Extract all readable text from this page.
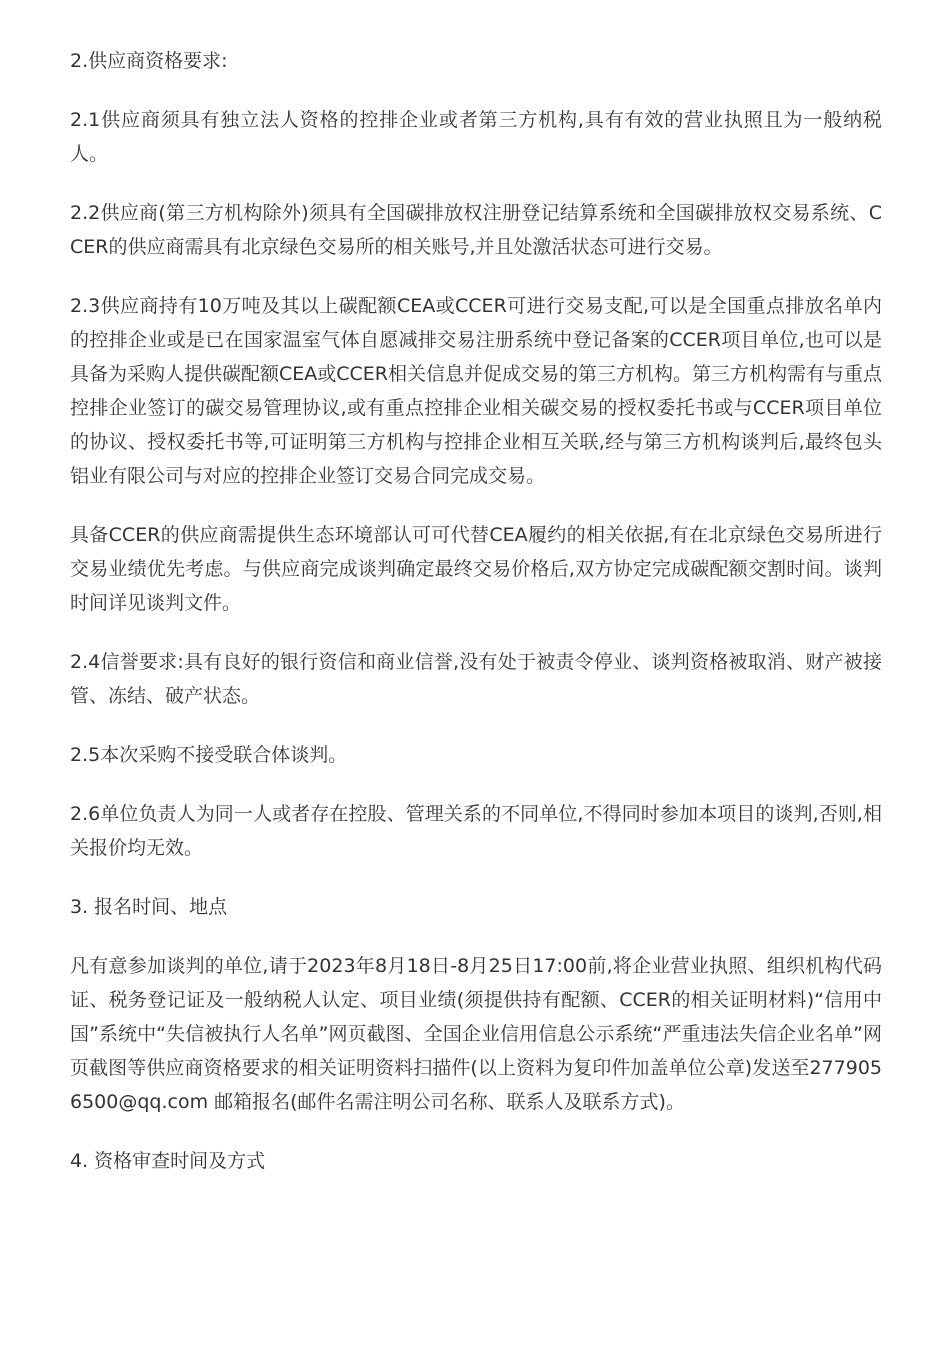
2.供应商资格要求:

2.1供应商须具有独立法人资格的控排企业或者第三方机构,具有有效的营业执照且为一般纳税人。

2.2供应商(第三方机构除外)须具有全国碳排放权注册登记结算系统和全国碳排放权交易系统、CCER的供应商需具有北京绿色交易所的相关账号,并且处激活状态可进行交易。

2.3供应商持有10万吨及其以上碳配额CEA或CCER可进行交易支配,可以是全国重点排放名单内的控排企业或是已在国家温室气体自愿减排交易注册系统中登记备案的CCER项目单位,也可以是具备为采购人提供碳配额CEA或CCER相关信息并促成交易的第三方机构。第三方机构需有与重点控排企业签订的碳交易管理协议,或有重点控排企业相关碳交易的授权委托书或与CCER项目单位的协议、授权委托书等,可证明第三方机构与控排企业相互关联,经与第三方机构谈判后,最终包头铝业有限公司与对应的控排企业签订交易合同完成交易。

具备CCER的供应商需提供生态环境部认可可代替CEA履约的相关依据,有在北京绿色交易所进行交易业绩优先考虑。与供应商完成谈判确定最终交易价格后,双方协定完成碳配额交割时间。谈判时间详见谈判文件。

2.4信誉要求:具有良好的银行资信和商业信誉,没有处于被责令停业、谈判资格被取消、财产被接管、冻结、破产状态。

2.5本次采购不接受联合体谈判。

2.6单位负责人为同一人或者存在控股、管理关系的不同单位,不得同时参加本项目的谈判,否则,相关报价均无效。

3. 报名时间、地点

凡有意参加谈判的单位,请于2023年8月18日-8月25日17:00前,将企业营业执照、组织机构代码证、税务登记证及一般纳税人认定、项目业绩(须提供持有配额、CCER的相关证明材料)“信用中国”系统中“失信被执行人名单”网页截图、全国企业信用信息公示系统“严重违法失信企业名单”网页截图等供应商资格要求的相关证明资料扫描件(以上资料为复印件加盖单位公章)发送至2779056500@qq.com 邮箱报名(邮件名需注明公司名称、联系人及联系方式)。

4. 资格审查时间及方式
